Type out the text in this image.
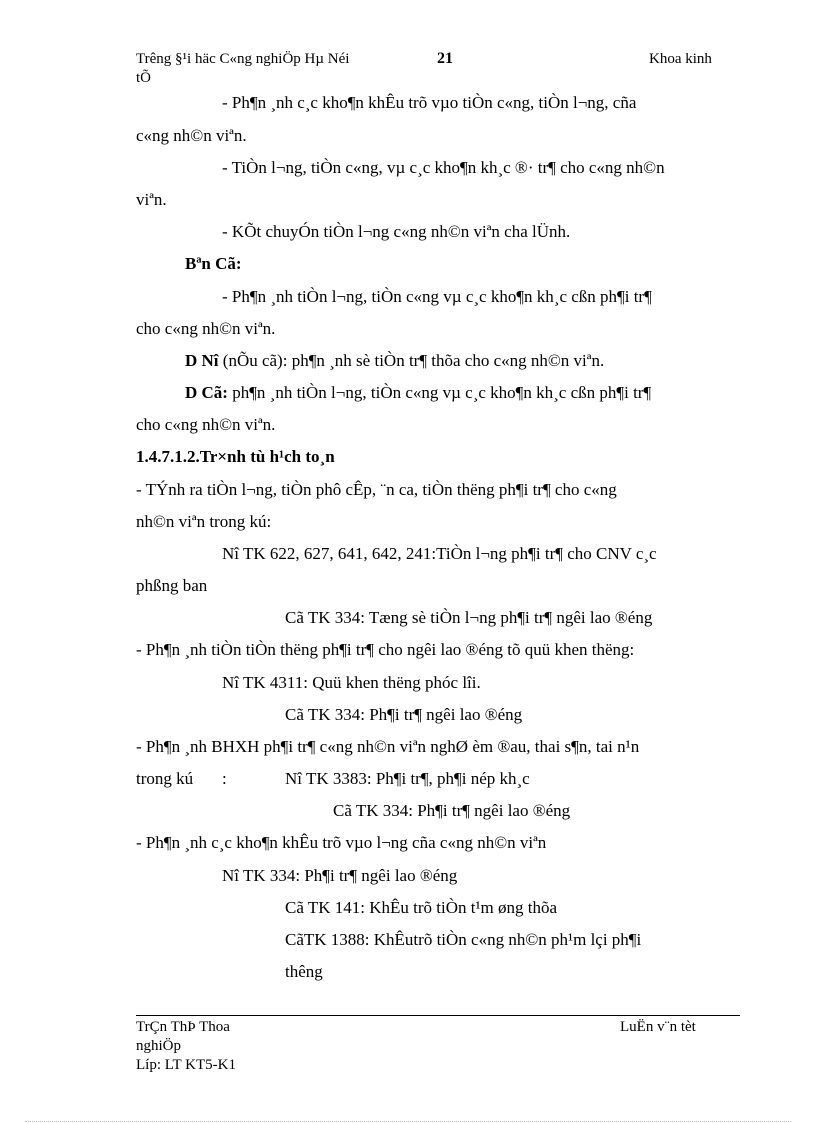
Trêng §¹i häc C«ng nghiÖp Hµ Néi	21	Khoa kinh
tÕ
- Ph¶n ¸nh c¸c kho¶n khÊu trõ vµo tiÒn c«ng, tiÒn l¬ng, cña
c«ng nh©n viªn.
- TiÒn l¬ng, tiÒn c«ng, vµ c¸c kho¶n kh¸c ®· tr¶ cho c«ng nh©n
viªn.
- KÕt chuyÓn tiÒn l¬ng c«ng nh©n viªn cha lÜnh.
Bªn Cã:
- Ph¶n ¸nh tiÒn l¬ng, tiÒn c«ng vµ c¸c kho¶n kh¸c cßn ph¶i tr¶
cho c«ng nh©n viªn.
D Nî (nÕu cã): ph¶n ¸nh sè tiÒn tr¶ thõa cho c«ng nh©n viªn.
D Cã: ph¶n ¸nh tiÒn l¬ng, tiÒn c«ng vµ c¸c kho¶n kh¸c cßn ph¶i tr¶
cho c«ng nh©n viªn.
1.4.7.1.2.Tr×nh tù h¹ch to¸n
- TÝnh ra tiÒn l¬ng, tiÒn phô cÊp, ¨n ca, tiÒn thëng ph¶i tr¶ cho c«ng
nh©n viªn trong kú:
Nî TK 622, 627, 641, 642, 241:TiÒn l¬ng ph¶i tr¶ cho CNV c¸c
phßng ban
Cã TK 334: Tæng sè tiÒn l¬ng ph¶i tr¶ ngêi lao ®éng
- Ph¶n ¸nh tiÒn tiÒn thëng ph¶i tr¶ cho ngêi lao ®éng tõ quü khen thëng:
Nî TK 4311: Quü khen thëng phóc lîi.
Cã TK 334: Ph¶i tr¶ ngêi lao ®éng
- Ph¶n ¸nh BHXH ph¶i tr¶ c«ng nh©n viªn nghØ èm ®au, thai s¶n, tai n¹n
trong kú :	Nî TK 3383: Ph¶i tr¶, ph¶i nép kh¸c
Cã TK 334: Ph¶i tr¶ ngêi lao ®éng
- Ph¶n ¸nh c¸c kho¶n khÊu trõ vµo l¬ng cña c«ng nh©n viªn
Nî TK 334: Ph¶i tr¶ ngêi lao ®éng
Cã TK 141: KhÊu trõ tiÒn t¹m øng thõa
CãTK 1388: KhÊutrõ tiÒn c«ng nh©n ph¹m lçi ph¶i
thêng
TrÇn ThÞ Thoa	LuËn v¨n tèt
nghiÖp
Líp: LT KT5-K1
